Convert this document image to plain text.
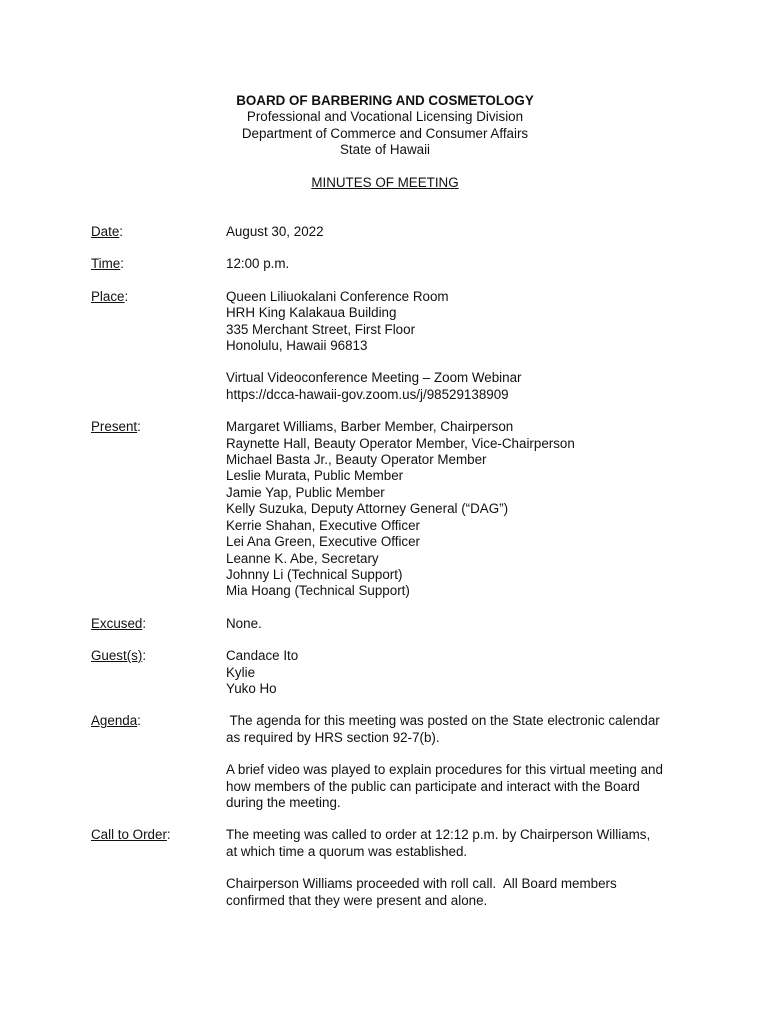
BOARD OF BARBERING AND COSMETOLOGY
Professional and Vocational Licensing Division
Department of Commerce and Consumer Affairs
State of Hawaii
MINUTES OF MEETING
Date:	August 30, 2022
Time:	12:00 p.m.
Place:	Queen Liliuokalani Conference Room
HRH King Kalakaua Building
335 Merchant Street, First Floor
Honolulu, Hawaii 96813
Virtual Videoconference Meeting – Zoom Webinar
https://dcca-hawaii-gov.zoom.us/j/98529138909
Present:	Margaret Williams, Barber Member, Chairperson
Raynette Hall, Beauty Operator Member, Vice-Chairperson
Michael Basta Jr., Beauty Operator Member
Leslie Murata, Public Member
Jamie Yap, Public Member
Kelly Suzuka, Deputy Attorney General (“DAG”)
Kerrie Shahan, Executive Officer
Lei Ana Green, Executive Officer
Leanne K. Abe, Secretary
Johnny Li (Technical Support)
Mia Hoang (Technical Support)
Excused:	None.
Guest(s):	Candace Ito
Kylie
Yuko Ho
Agenda:	The agenda for this meeting was posted on the State electronic calendar
as required by HRS section 92-7(b).
A brief video was played to explain procedures for this virtual meeting and
how members of the public can participate and interact with the Board
during the meeting.
Call to Order:	The meeting was called to order at 12:12 p.m. by Chairperson Williams,
at which time a quorum was established.
Chairperson Williams proceeded with roll call.  All Board members
confirmed that they were present and alone.
